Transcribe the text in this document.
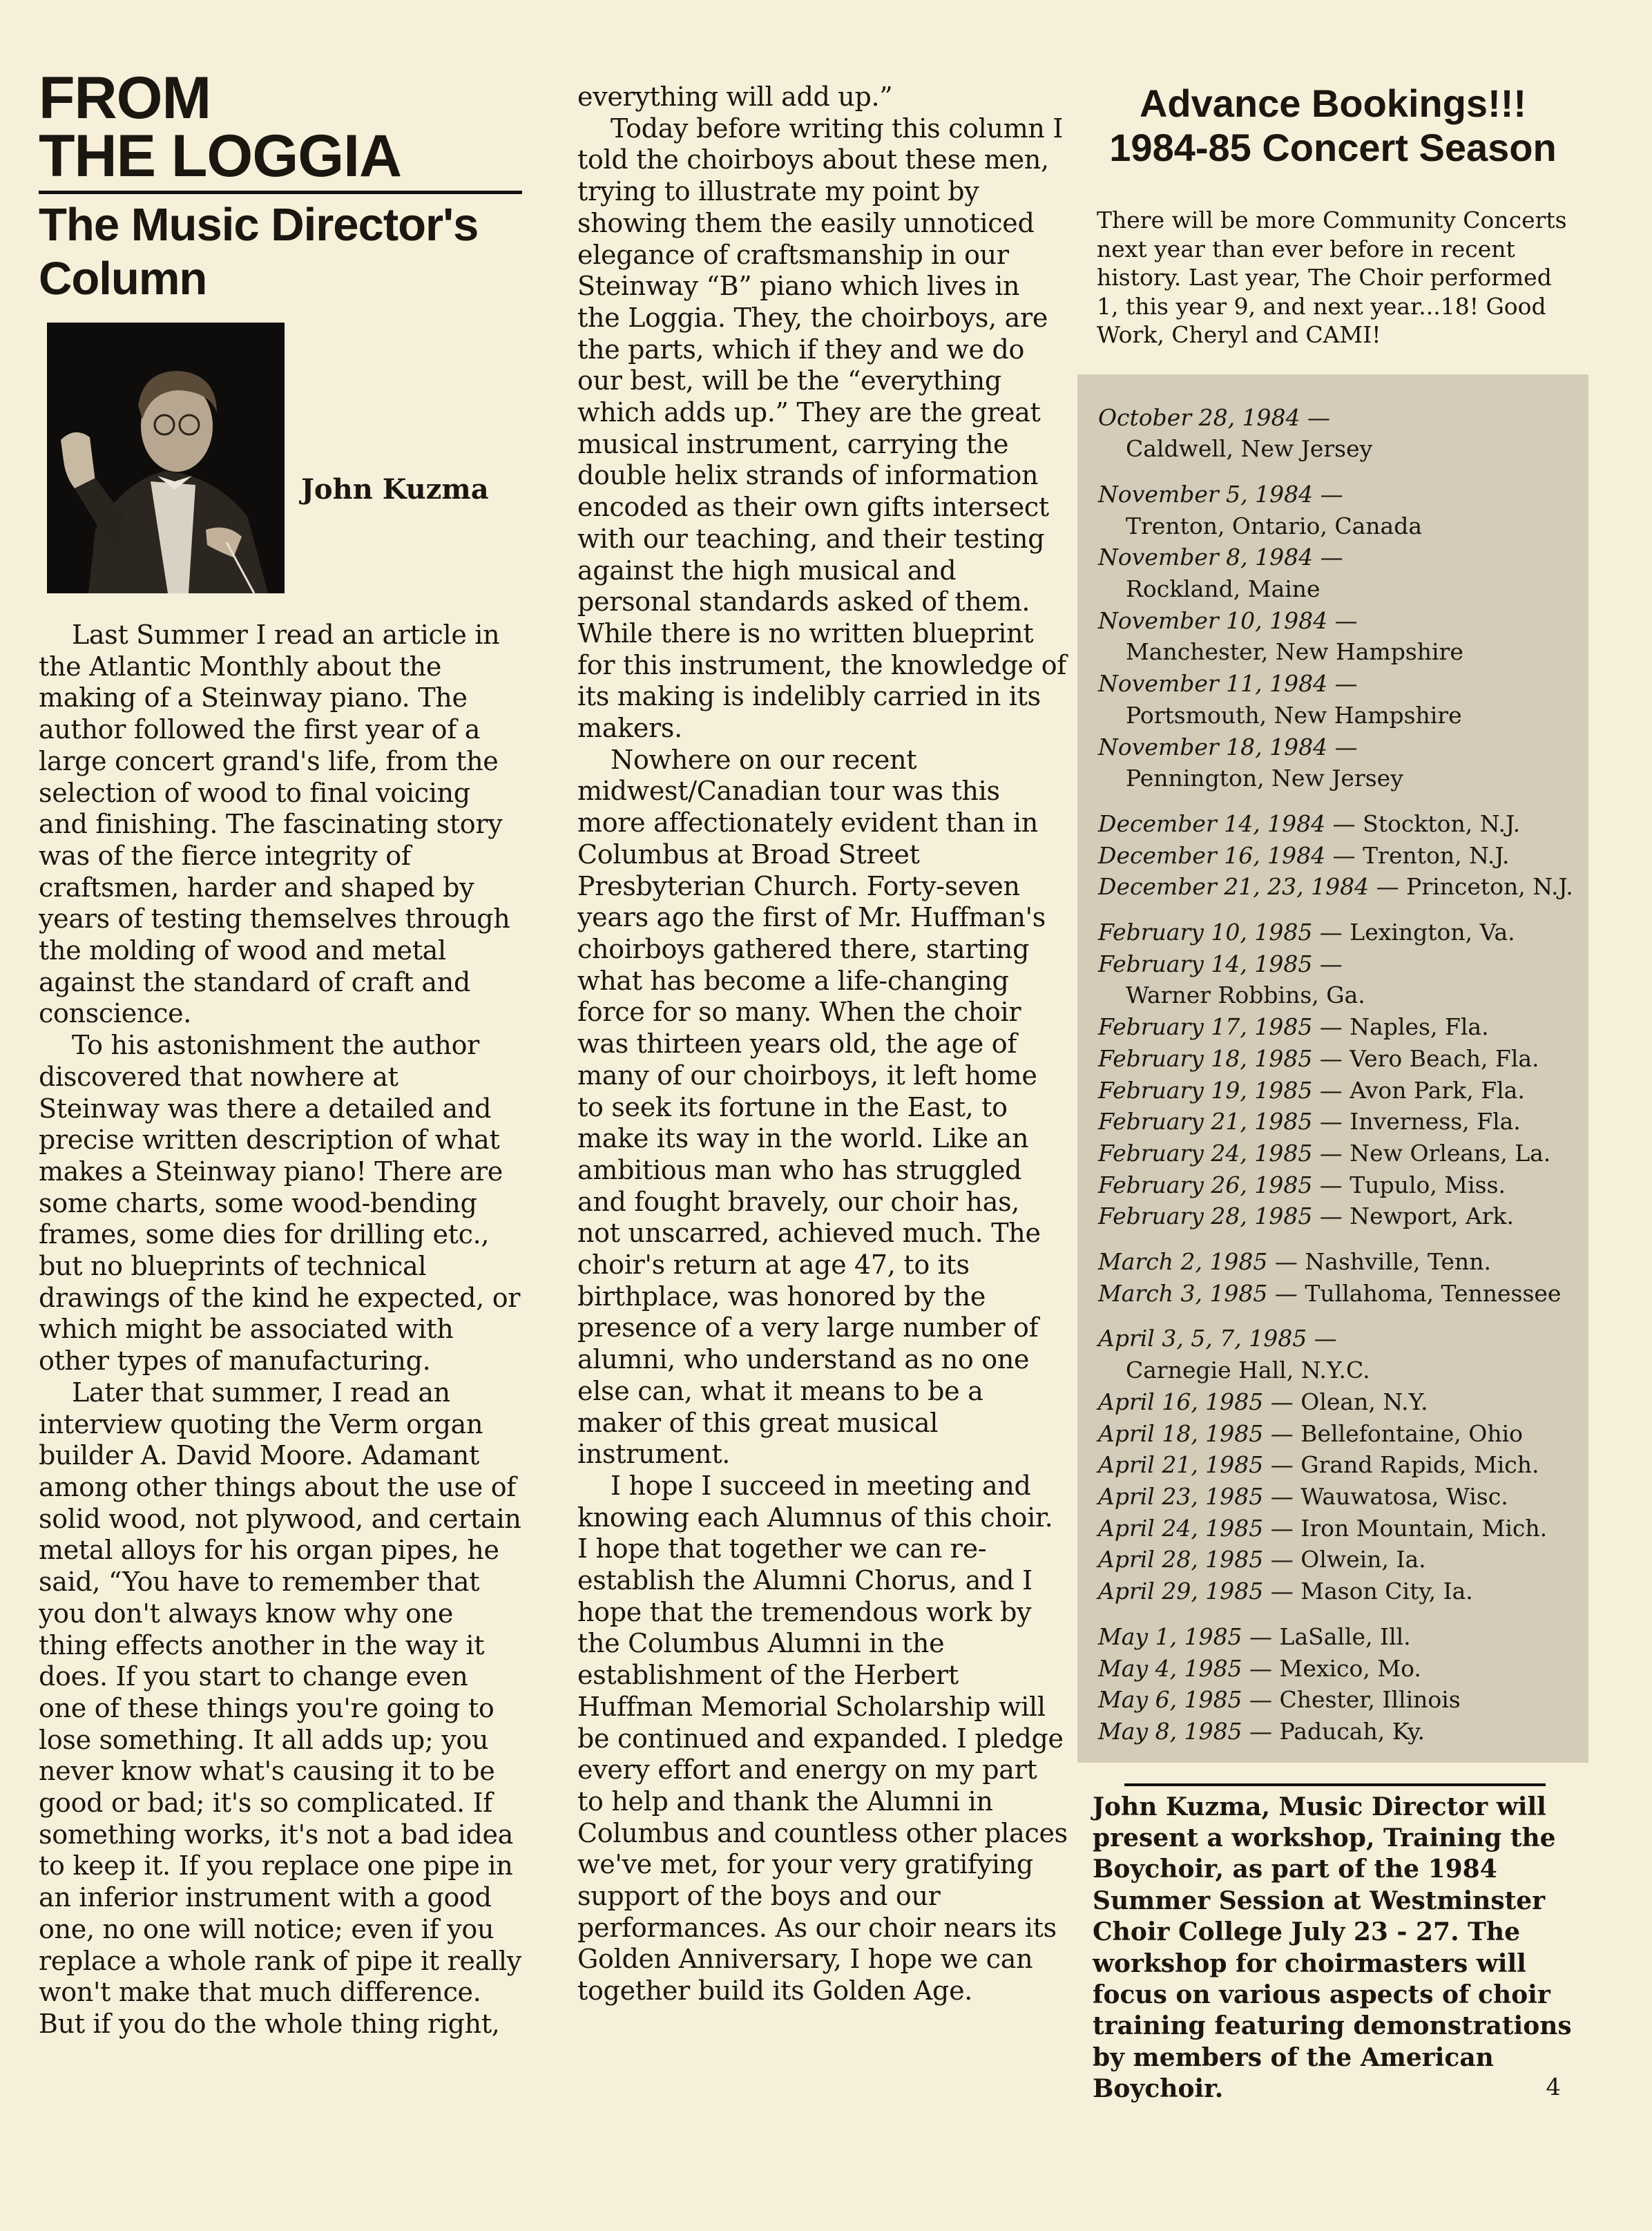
FROM
THE LOGGIA
The Music Director's
Column
John Kuzma

Last Summer I read an article in the Atlantic Monthly about the making of a Steinway piano. The author followed the first year of a large concert grand's life, from the selection of wood to final voicing and finishing. The fascinating story was of the fierce integrity of craftsmen, harder and shaped by years of testing themselves through the molding of wood and metal against the standard of craft and conscience.

To his astonishment the author discovered that nowhere at Steinway was there a detailed and precise written description of what makes a Steinway piano! There are some charts, some wood-bending frames, some dies for drilling etc., but no blueprints of technical drawings of the kind he expected, or which might be associated with other types of manufacturing.

Later that summer, I read an interview quoting the Verm organ builder A. David Moore. Adamant among other things about the use of solid wood, not plywood, and certain metal alloys for his organ pipes, he said, “You have to remember that you don't always know why one thing effects another in the way it does. If you start to change even one of these things you're going to lose something. It all adds up; you never know what's causing it to be good or bad; it's so complicated. If something works, it's not a bad idea to keep it. If you replace one pipe in an inferior instrument with a good one, no one will notice; even if you replace a whole rank of pipe it really won't make that much difference. But if you do the whole thing right,

everything will add up.”

Today before writing this column I told the choirboys about these men, trying to illustrate my point by showing them the easily unnoticed elegance of craftsmanship in our Steinway “B” piano which lives in the Loggia. They, the choirboys, are the parts, which if they and we do our best, will be the “everything which adds up.” They are the great musical instrument, carrying the double helix strands of information encoded as their own gifts intersect with our teaching, and their testing against the high musical and personal standards asked of them. While there is no written blueprint for this instrument, the knowledge of its making is indelibly carried in its makers.

Nowhere on our recent midwest/Canadian tour was this more affectionately evident than in Columbus at Broad Street Presbyterian Church. Forty-seven years ago the first of Mr. Huffman's choirboys gathered there, starting what has become a life-changing force for so many. When the choir was thirteen years old, the age of many of our choirboys, it left home to seek its fortune in the East, to make its way in the world. Like an ambitious man who has struggled and fought bravely, our choir has, not unscarred, achieved much. The choir's return at age 47, to its birthplace, was honored by the presence of a very large number of alumni, who understand as no one else can, what it means to be a maker of this great musical instrument.

I hope I succeed in meeting and knowing each Alumnus of this choir. I hope that together we can re-establish the Alumni Chorus, and I hope that the tremendous work by the Columbus Alumni in the establishment of the Herbert Huffman Memorial Scholarship will be continued and expanded. I pledge every effort and energy on my part to help and thank the Alumni in Columbus and countless other places we've met, for your very gratifying support of the boys and our performances. As our choir nears its Golden Anniversary, I hope we can together build its Golden Age.

Advance Bookings!!!
1984-85 Concert Season
There will be more Community Concerts next year than ever before in recent history. Last year, The Choir performed 1, this year 9, and next year...18! Good Work, Cheryl and CAMI!
October 28, 1984 —
Caldwell, New Jersey
November 5, 1984 —
Trenton, Ontario, Canada
November 8, 1984 —
Rockland, Maine
November 10, 1984 —
Manchester, New Hampshire
November 11, 1984 —
Portsmouth, New Hampshire
November 18, 1984 —
Pennington, New Jersey
December 14, 1984 — Stockton, N.J.
December 16, 1984 — Trenton, N.J.
December 21, 23, 1984 — Princeton, N.J.
February 10, 1985 — Lexington, Va.
February 14, 1985 —
Warner Robbins, Ga.
February 17, 1985 — Naples, Fla.
February 18, 1985 — Vero Beach, Fla.
February 19, 1985 — Avon Park, Fla.
February 21, 1985 — Inverness, Fla.
February 24, 1985 — New Orleans, La.
February 26, 1985 — Tupulo, Miss.
February 28, 1985 — Newport, Ark.
March 2, 1985 — Nashville, Tenn.
March 3, 1985 — Tullahoma, Tennessee
April 3, 5, 7, 1985 —
Carnegie Hall, N.Y.C.
April 16, 1985 — Olean, N.Y.
April 18, 1985 — Bellefontaine, Ohio
April 21, 1985 — Grand Rapids, Mich.
April 23, 1985 — Wauwatosa, Wisc.
April 24, 1985 — Iron Mountain, Mich.
April 28, 1985 — Olwein, Ia.
April 29, 1985 — Mason City, Ia.
May 1, 1985 — LaSalle, Ill.
May 4, 1985 — Mexico, Mo.
May 6, 1985 — Chester, Illinois
May 8, 1985 — Paducah, Ky.
John Kuzma, Music Director will present a workshop, Training the Boychoir, as part of the 1984 Summer Session at Westminster Choir College July 23 - 27. The workshop for choirmasters will focus on various aspects of choir training featuring demonstrations by members of the American Boychoir.	4
